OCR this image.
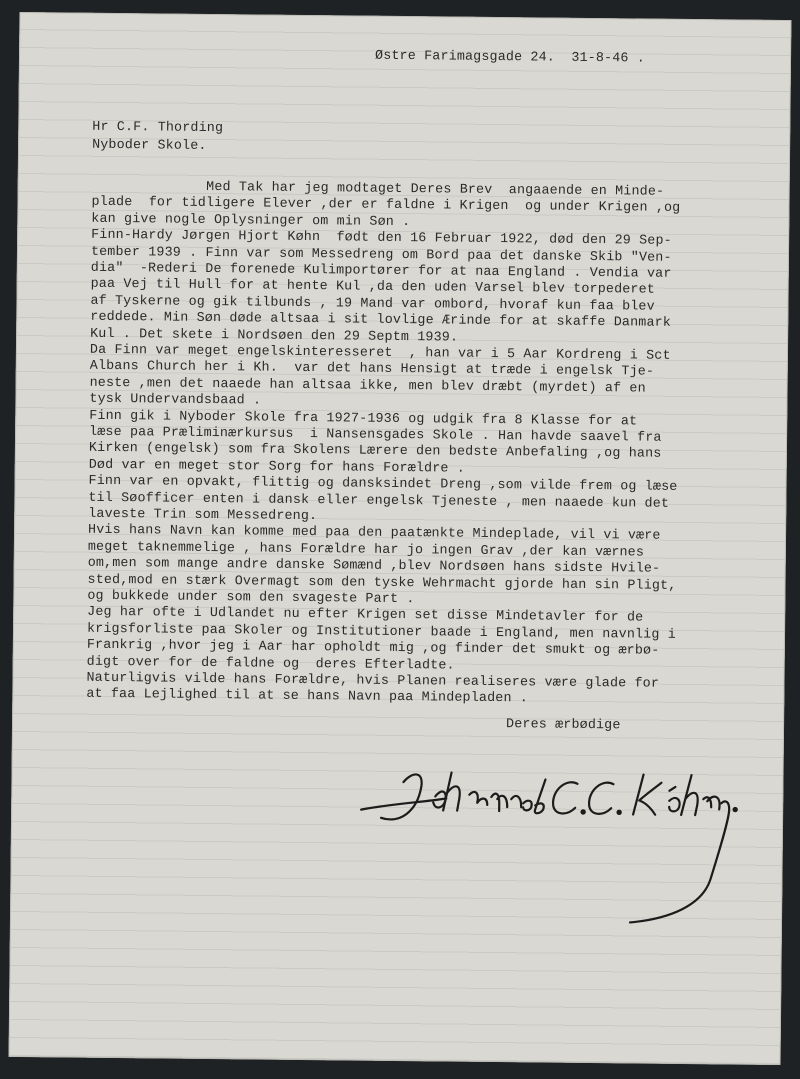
Østre Farimagsgade 24.  31-8-46 .
Hr C.F. Thording
Nyboder Skole.
Med Tak har jeg modtaget Deres Brev  angaaende en Minde-
plade  for tidligere Elever ,der er faldne i Krigen  og under Krigen ,og
kan give nogle Oplysninger om min Søn .
Finn-Hardy Jørgen Hjort Køhn  født den 16 Februar 1922, død den 29 Sep-
tember 1939 . Finn var som Messedreng om Bord paa det danske Skib "Ven-
dia"  -Rederi De forenede Kulimportører for at naa England . Vendia var
paa Vej til Hull for at hente Kul ,da den uden Varsel blev torpederet
af Tyskerne og gik tilbunds , 19 Mand var ombord, hvoraf kun faa blev
reddede. Min Søn døde altsaa i sit lovlige Ærinde for at skaffe Danmark
Kul . Det skete i Nordsøen den 29 Septm 1939.
Da Finn var meget engelskinteresseret  , han var i 5 Aar Kordreng i Sct
Albans Church her i Kh.  var det hans Hensigt at træde i engelsk Tje-
neste ,men det naaede han altsaa ikke, men blev dræbt (myrdet) af en
tysk Undervandsbaad .
Finn gik i Nyboder Skole fra 1927-1936 og udgik fra 8 Klasse for at
læse paa Præliminærkursus  i Nansensgades Skole . Han havde saavel fra
Kirken (engelsk) som fra Skolens Lærere den bedste Anbefaling ,og hans
Død var en meget stor Sorg for hans Forældre .
Finn var en opvakt, flittig og dansksindet Dreng ,som vilde frem og læse
til Søofficer enten i dansk eller engelsk Tjeneste , men naaede kun det
laveste Trin som Messedreng.
Hvis hans Navn kan komme med paa den paatænkte Mindeplade, vil vi være
meget taknemmelige , hans Forældre har jo ingen Grav ,der kan værnes
om,men som mange andre danske Sømænd ,blev Nordsøen hans sidste Hvile-
sted,mod en stærk Overmagt som den tyske Wehrmacht gjorde han sin Pligt,
og bukkede under som den svageste Part .
Jeg har ofte i Udlandet nu efter Krigen set disse Mindetavler for de
krigsforliste paa Skoler og Institutioner baade i England, men navnlig i
Frankrig ,hvor jeg i Aar har opholdt mig ,og finder det smukt og ærbø-
digt over for de faldne og  deres Efterladte.
Naturligvis vilde hans Forældre, hvis Planen realiseres være glade for
at faa Lejlighed til at se hans Navn paa Mindepladen .
Deres ærbødige
